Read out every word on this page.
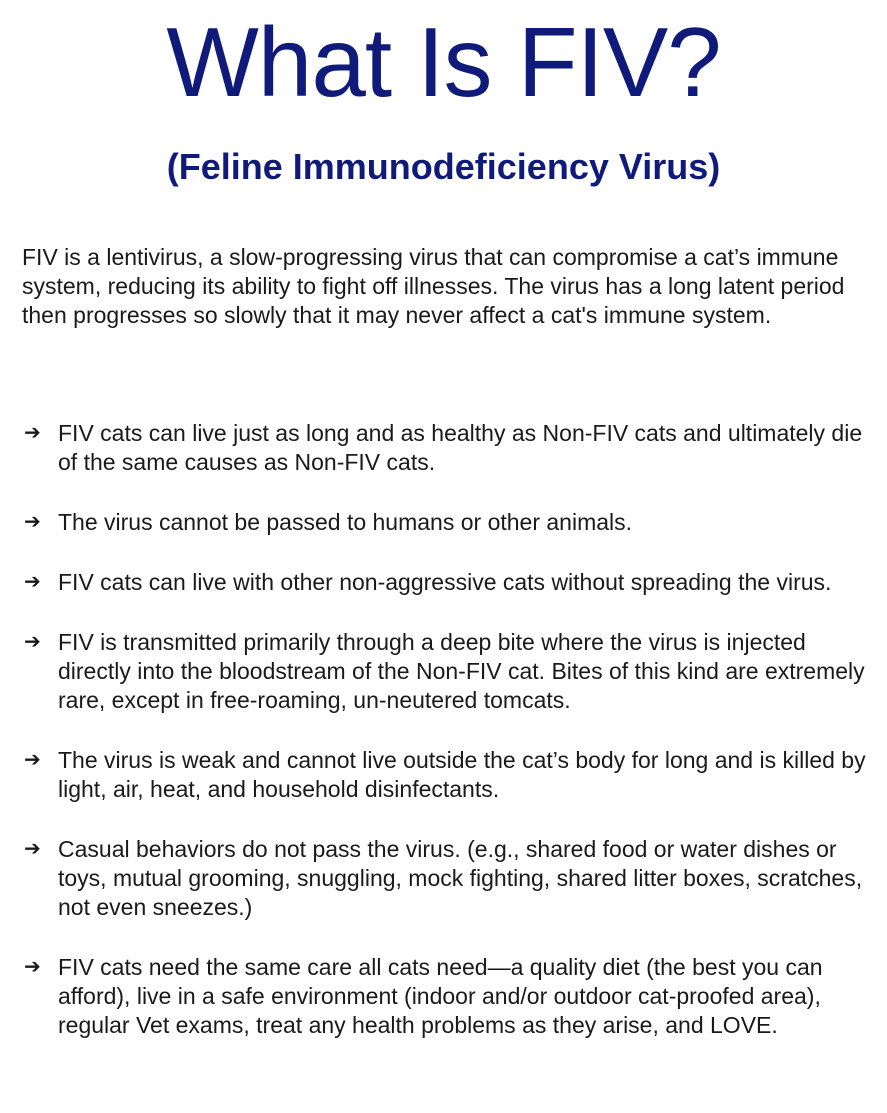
What Is FIV?
(Feline Immunodeficiency Virus)

FIV is a lentivirus, a slow-progressing virus that can compromise a cat’s immune system, reducing its ability to fight off illnesses. The virus has a long latent period then progresses so slowly that it may never affect a cat's immune system.

➔ FIV cats can live just as long and as healthy as Non-FIV cats and ultimately die of the same causes as Non-FIV cats.
➔ The virus cannot be passed to humans or other animals.
➔ FIV cats can live with other non-aggressive cats without spreading the virus.
➔ FIV is transmitted primarily through a deep bite where the virus is injected directly into the bloodstream of the Non-FIV cat. Bites of this kind are extremely rare, except in free-roaming, un-neutered tomcats.
➔ The virus is weak and cannot live outside the cat’s body for long and is killed by light, air, heat, and household disinfectants.
➔ Casual behaviors do not pass the virus. (e.g., shared food or water dishes or toys, mutual grooming, snuggling, mock fighting, shared litter boxes, scratches, not even sneezes.)
➔ FIV cats need the same care all cats need—a quality diet (the best you can afford), live in a safe environment (indoor and/or outdoor cat-proofed area), regular Vet exams, treat any health problems as they arise, and LOVE.
